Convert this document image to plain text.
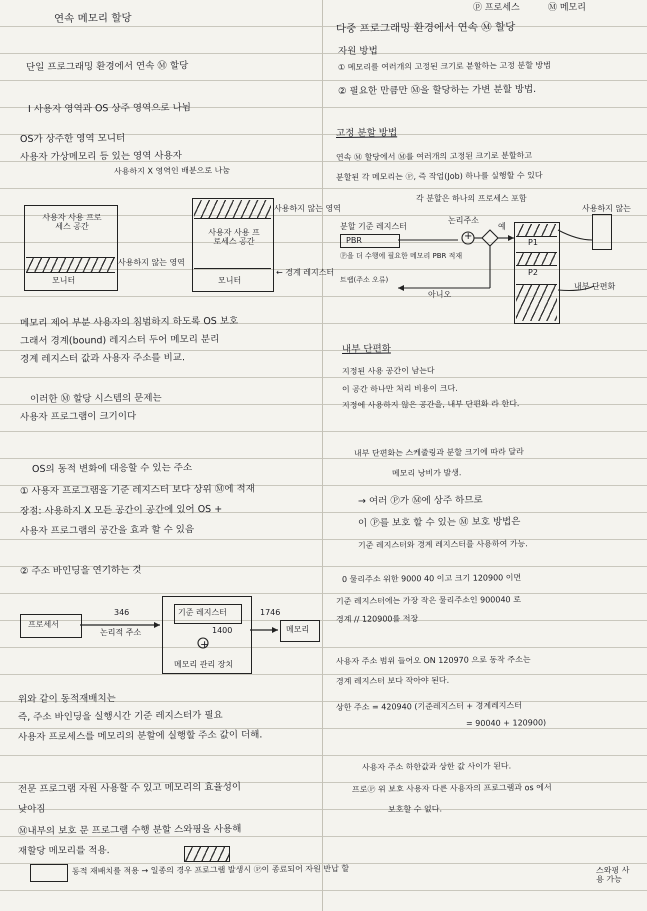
ⓟ 프로세스	Ⓜ 메모리
연속 메모리 할당
단일 프로그래밍 환경에서 연속 Ⓜ 할당
Ⅰ 사용자 영역과 OS 상주 영역으로 나뉨
OS가 상주한 영역 모니터
사용자 가상메모리 등 있는 영역 사용자
사용하지 X 영역인 배분으로 나눔
사용자 사용 프로세스 공간
모니터
사용하지 않는 영역
사용하지 않는 영역
사용자 사용 프로세스 공간
모니터
← 경계 레지스터
메모리 제어 부분 사용자의 침범하지 하도록 OS 보호
그래서 경계(bound) 레지스터 두어 메모리 분리
경계 레지스터 값과 사용자 주소를 비교.
이러한 Ⓜ 할당 시스템의 문제는
사용자 프로그램이 크기이다
OS의 동적 변화에 대응할 수 있는 주소
① 사용자 프로그램을 기준 레지스터 보다 상위 Ⓜ에 적재
장점: 사용하지 X 모든 공간이 공간에 있어 OS +
사용자 프로그램의 공간을 효과 할 수 있음
② 주소 바인딩을 연기하는 것
프로세서
346
논리적 주소
기준 레지스터
1400
+
메모리 관리 장치
1746
메모리
위와 같이 동적재배치는
즉, 주소 바인딩을 실행시간 기준 레지스터가 필요
사용자 프로세스를 메모리의 분할에 실행할 주소 값이 더해.
전문 프로그램 자원 사용할 수 있고 메모리의 효율성이
낮아짐
Ⓜ내부의 보호 문 프로그램 수행 분할 스와핑을 사용해
재할당 메모리를 적용.
동적 재배치를 적용 → 일종의 경우 프로그램 발생시 Ⓟ이 종료되어 자원 반납 할	스와핑 사용 가능
다중 프로그래밍 환경에서 연속 Ⓜ 할당
자원 방법
① 메모리를 여러개의 고정된 크기로 분할하는 고정 분할 방법
② 필요한 만큼만 Ⓜ을 할당하는 가변 분할 방법.
고정 분할 방법
연속 Ⓜ 할당에서 Ⓜ를 여러개의 고정된 크기로 분할하고
분할된 각 메모리는 Ⓟ, 즉 작업(Job) 하나를 실행할 수 있다
각 분할은 하나의 프로세스 포함
분할 기준 레지스터
PBR
논리주소
+
Ⓟ을 더 수행에 필요한 메모리 PBR 적재
트랩(주소 오류)
아니오
예
P1
P2
사용하지 않는
내부 단편화
내부 단편화
지정된 사용 공간이 남는다
이 공간 하나만 처리 비용이 크다.
지정에 사용하지 않은 공간을, 내부 단편화 라 한다.
내부 단편화는 스케줄링과 분할 크기에 따라 달라
메모리 낭비가 발생.
→ 여러 Ⓟ가 Ⓜ에 상주 하므로
이 Ⓟ를 보호 할 수 있는 Ⓜ 보호 방법은
기준 레지스터와 경계 레지스터를 사용하여 가능.
0 물리주소 위한 9000 40 이고 크기 120900 이면
기준 레지스터에는 가장 작은 물리주소인 900040 로
경계 // 120900를 저장
사용자 주소 범위 들어오 ON 120970 으로 동작 주소는
경계 레지스터 보다 작아야 된다.
상한 주소 = 420940 (기준레지스터 + 경계레지스터
= 90040 + 120900)
사용자 주소 하한값과 상한 값 사이가 된다.
프로Ⓟ 위 보호 사용자 다른 사용자의 프로그램과 os 에서
보호할 수 없다.
